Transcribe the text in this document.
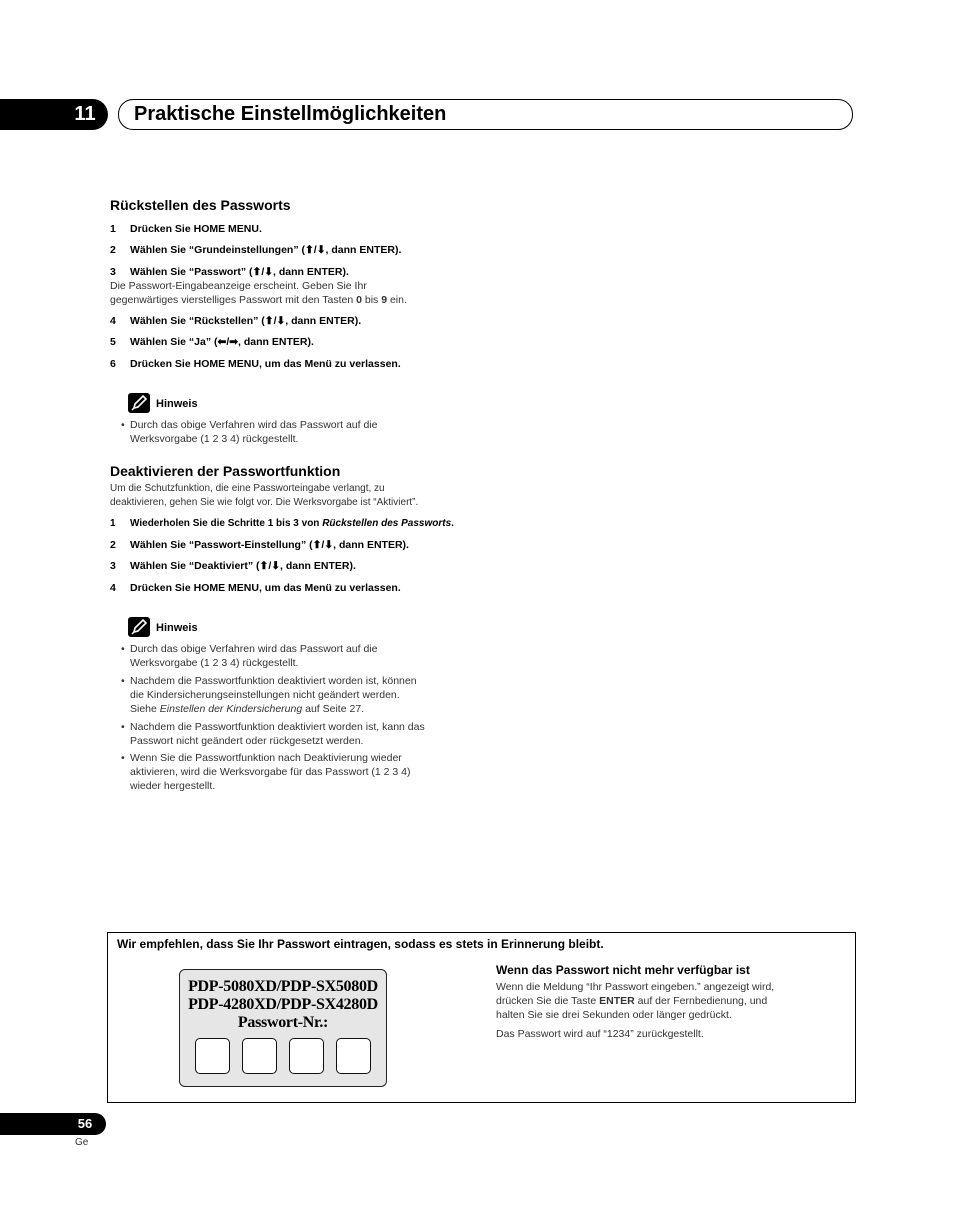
11	Praktische Einstellmöglichkeiten
Rückstellen des Passworts
1 Drücken Sie HOME MENU.
2 Wählen Sie “Grundeinstellungen” (⬆/⬇, dann ENTER).
3 Wählen Sie “Passwort” (⬆/⬇, dann ENTER).
Die Passwort-Eingabeanzeige erscheint. Geben Sie Ihr
gegenwärtiges vierstelliges Passwort mit den Tasten 0 bis 9 ein.
4 Wählen Sie “Rückstellen” (⬆/⬇, dann ENTER).
5 Wählen Sie “Ja” (⬅/➡, dann ENTER).
6 Drücken Sie HOME MENU, um das Menü zu verlassen.
Hinweis
• Durch das obige Verfahren wird das Passwort auf die
Werksvorgabe (1 2 3 4) rückgestellt.
Deaktivieren der Passwortfunktion
Um die Schutzfunktion, die eine Passworteingabe verlangt, zu
deaktivieren, gehen Sie wie folgt vor. Die Werksvorgabe ist “Aktiviert”.
1 Wiederholen Sie die Schritte 1 bis 3 von Rückstellen des Passworts.
2 Wählen Sie “Passwort-Einstellung” (⬆/⬇, dann ENTER).
3 Wählen Sie “Deaktiviert” (⬆/⬇, dann ENTER).
4 Drücken Sie HOME MENU, um das Menü zu verlassen.
Hinweis
• Durch das obige Verfahren wird das Passwort auf die
Werksvorgabe (1 2 3 4) rückgestellt.
• Nachdem die Passwortfunktion deaktiviert worden ist, können
die Kindersicherungseinstellungen nicht geändert werden.
Siehe Einstellen der Kindersicherung auf Seite 27.
• Nachdem die Passwortfunktion deaktiviert worden ist, kann das
Passwort nicht geändert oder rückgesetzt werden.
• Wenn Sie die Passwortfunktion nach Deaktivierung wieder
aktivieren, wird die Werksvorgabe für das Passwort (1 2 3 4)
wieder hergestellt.
Wir empfehlen, dass Sie Ihr Passwort eintragen, sodass es stets in Erinnerung bleibt.
PDP-5080XD/PDP-SX5080D
PDP-4280XD/PDP-SX4280D
Passwort-Nr.:
Wenn das Passwort nicht mehr verfügbar ist
Wenn die Meldung “Ihr Passwort eingeben.” angezeigt wird,
drücken Sie die Taste ENTER auf der Fernbedienung, und
halten Sie sie drei Sekunden oder länger gedrückt.
Das Passwort wird auf “1234” zurückgestellt.
56
Ge
